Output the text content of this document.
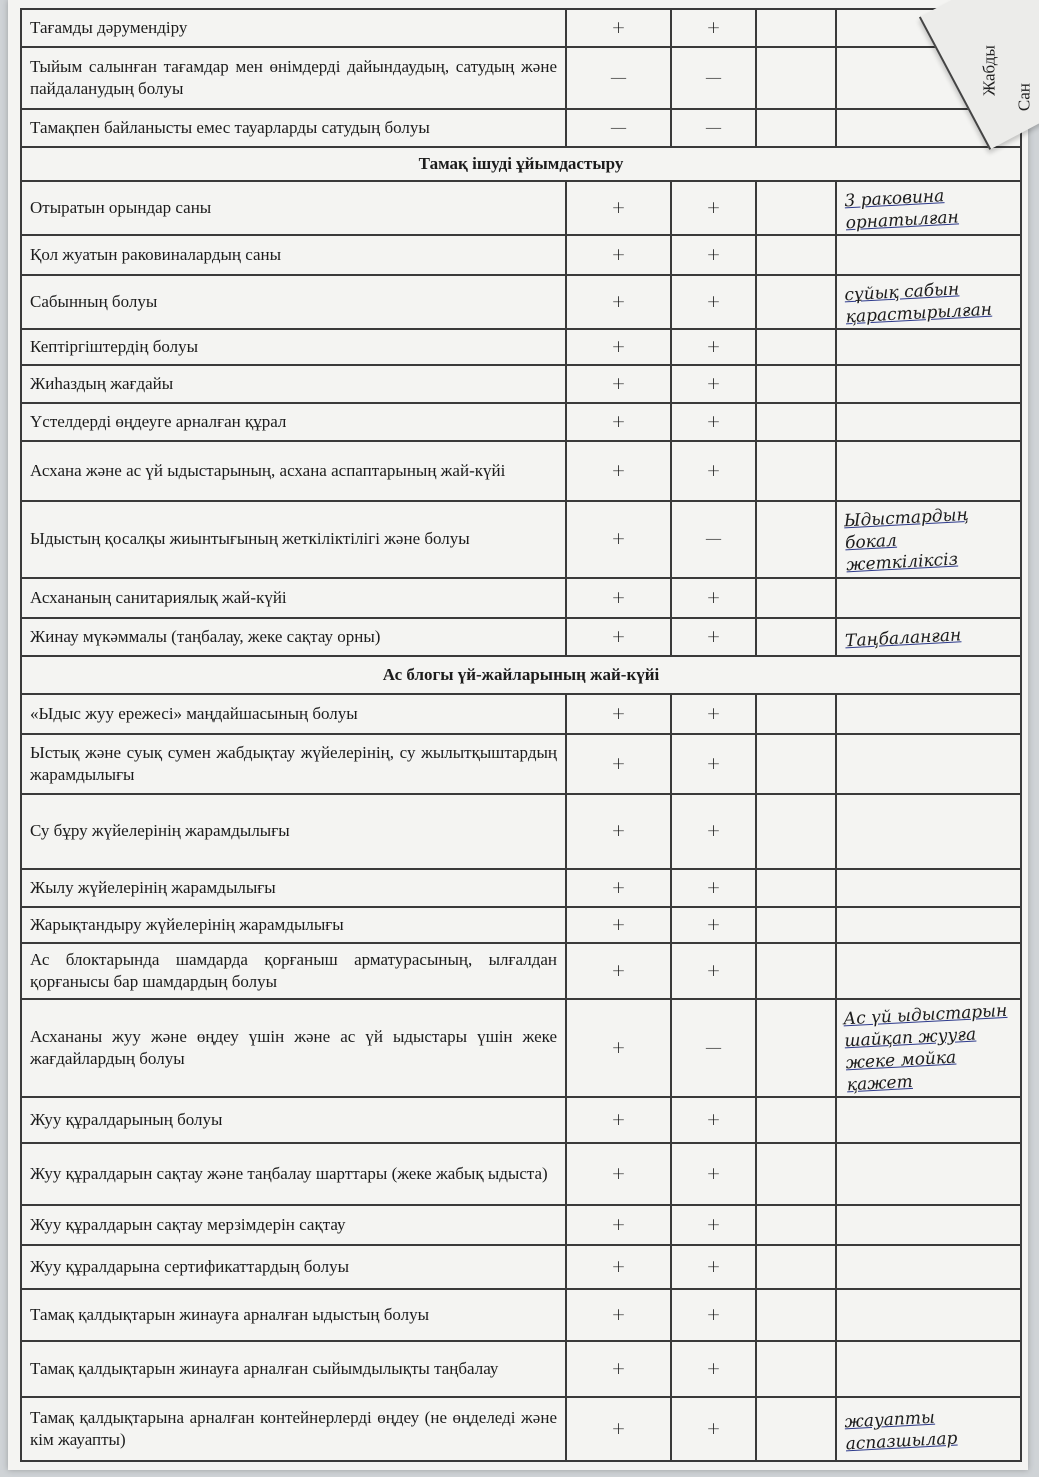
Тағамды дәрумендіру	+	+		

Тыйым салынған тағамдар мен өнімдерді дайындаудың, сатудың және пайдаланудың болуы	—	—		

Тамақпен байланысты емес тауарларды сатудың болуы	—	—		

Тамақ ішуді ұйымдастыру				
Отыратын орындар саны	+	+		3 раковина орнатылған

Қол жуатын раковиналардың саны	+	+		

Сабынның болуы	+	+		сұйық сабын қарастырылған

Кептіргіштердің болуы	+	+		

Жиһаздың жағдайы	+	+		

Үстелдерді өңдеуге арналған құрал	+	+		

Асхана және ас үй ыдыстарының, асхана аспаптарының жай-күйі	+	+		

Ыдыстың қосалқы жиынтығының жеткіліктілігі және болуы	+	—		Ыдыстардың бокал жеткіліксіз

Асхананың санитариялық жай-күйі	+	+		

Жинау мүкәммалы (таңбалау, жеке сақтау орны)	+	+		Таңбаланған

Ас блогы үй-жайларының жай-күйі				
«Ыдыс жуу ережесі» маңдайшасының болуы	+	+		

Ыстық және суық сумен жабдықтау жүйелерінің, су жылытқыштардың жарамдылығы	+	+		

Су бұру жүйелерінің жарамдылығы	+	+		

Жылу жүйелерінің жарамдылығы	+	+		

Жарықтандыру жүйелерінің жарамдылығы	+	+		

Ас блоктарында шамдарда қорғаныш арматурасының, ылғалдан қорғанысы бар шамдардың болуы	+	+		

Асхананы жуу және өңдеу үшін және ас үй ыдыстары үшін жеке жағдайлардың болуы	+	—		Ас үй ыдыстарын шайқап жууға жеке мойка қажет

Жуу құралдарының болуы	+	+		

Жуу құралдарын сақтау және таңбалау шарттары (жеке жабық ыдыста)	+	+		

Жуу құралдарын сақтау мерзімдерін сақтау	+	+		

Жуу құралдарына сертификаттардың болуы	+	+		

Тамақ қалдықтарын жинауға арналған ыдыстың болуы	+	+		

Тамақ қалдықтарын жинауға арналған сыйымдылықты таңбалау	+	+		

Тамақ қалдықтарына арналған контейнерлерді өңдеу (не өңделеді және кім жауапты)	+	+		жауапты аспазшылар
Жабды
Сан
